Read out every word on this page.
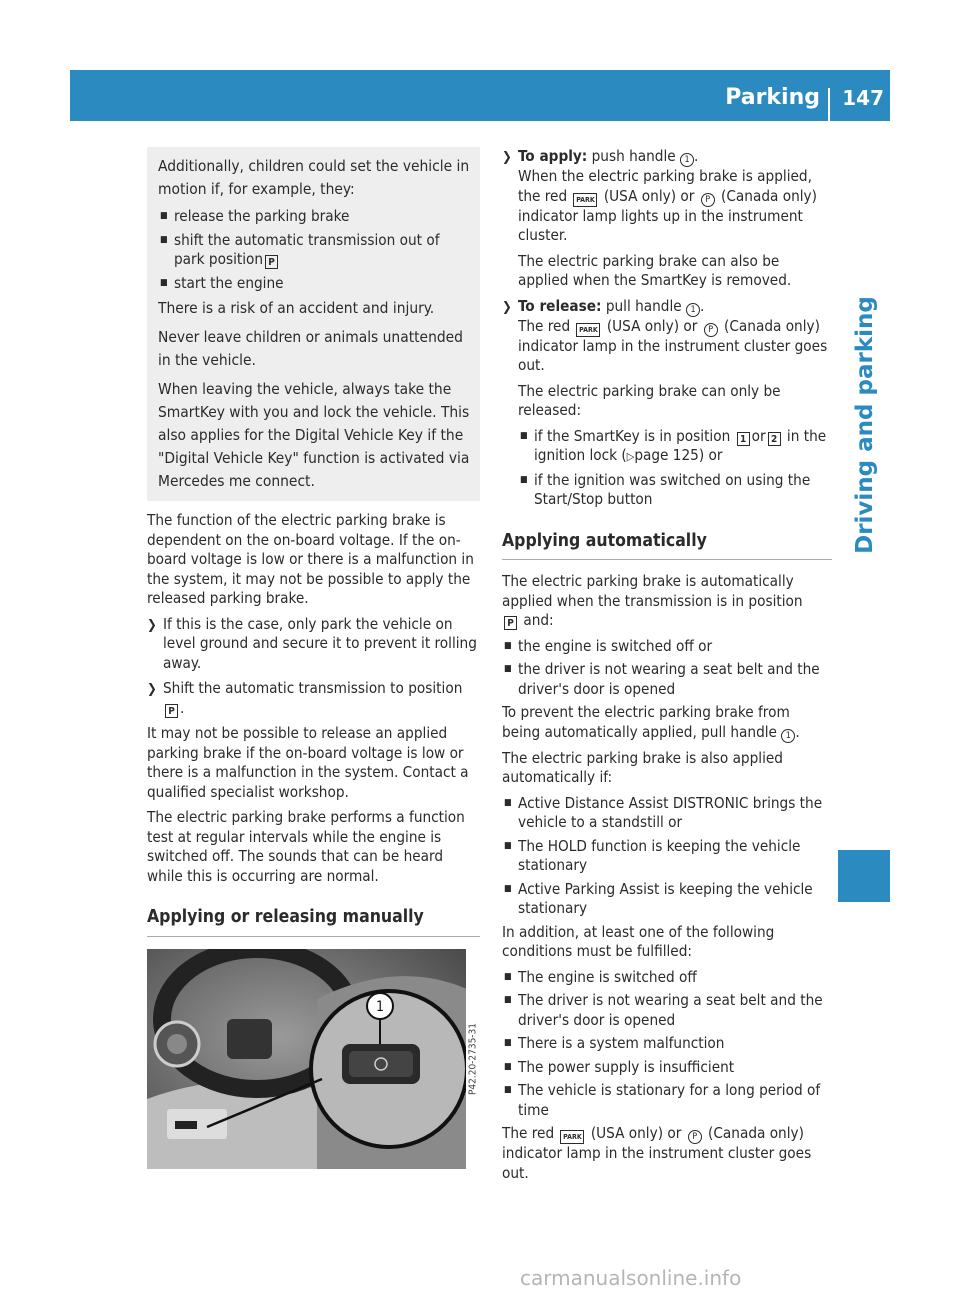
Parking 147
Driving and parking

Additionally, children could set the vehicle in motion if, for example, they:

■ release the parking brake
■ shift the automatic transmission out of park position P
■ start the engine

There is a risk of an accident and injury.

Never leave children or animals unattended in the vehicle.

When leaving the vehicle, always take the SmartKey with you and lock the vehicle. This also applies for the Digital Vehicle Key if the "Digital Vehicle Key" function is activated via Mercedes me connect.

The function of the electric parking brake is dependent on the on-board voltage. If the on-board voltage is low or there is a malfunction in the system, it may not be possible to apply the released parking brake.

❯ If this is the case, only park the vehicle on level ground and secure it to prevent it rolling away.
❯ Shift the automatic transmission to position P .

It may not be possible to release an applied parking brake if the on-board voltage is low or there is a malfunction in the system. Contact a qualified specialist workshop.

The electric parking brake performs a function test at regular intervals while the engine is switched off. The sounds that can be heard while this is occurring are normal.

Applying or releasing manually
1
P42.20-2735-31
❯ To apply: push handle 1 .
When the electric parking brake is applied, the red PARK (USA only) or P (Canada only) indicator lamp lights up in the instrument cluster.

The electric parking brake can also be applied when the SmartKey is removed.

❯ To release: pull handle 1 .
The red PARK (USA only) or P (Canada only) indicator lamp in the instrument cluster goes out.

The electric parking brake can only be released:

■ if the SmartKey is in position 1 or 2 in the ignition lock (▷page 125) or
■ if the ignition was switched on using the Start/Stop button
Applying automatically

The electric parking brake is automatically applied when the transmission is in position
P and:

■ the engine is switched off or
■ the driver is not wearing a seat belt and the driver's door is opened

To prevent the electric parking brake from being automatically applied, pull handle 1 .

The electric parking brake is also applied automatically if:

■ Active Distance Assist DISTRONIC brings the vehicle to a standstill or
■ The HOLD function is keeping the vehicle stationary
■ Active Parking Assist is keeping the vehicle stationary

In addition, at least one of the following conditions must be fulfilled:

■ The engine is switched off
■ The driver is not wearing a seat belt and the driver's door is opened
■ There is a system malfunction
■ The power supply is insufficient
■ The vehicle is stationary for a long period of time

The red PARK (USA only) or P (Canada only) indicator lamp in the instrument cluster goes out.

carmanualsonline.info
